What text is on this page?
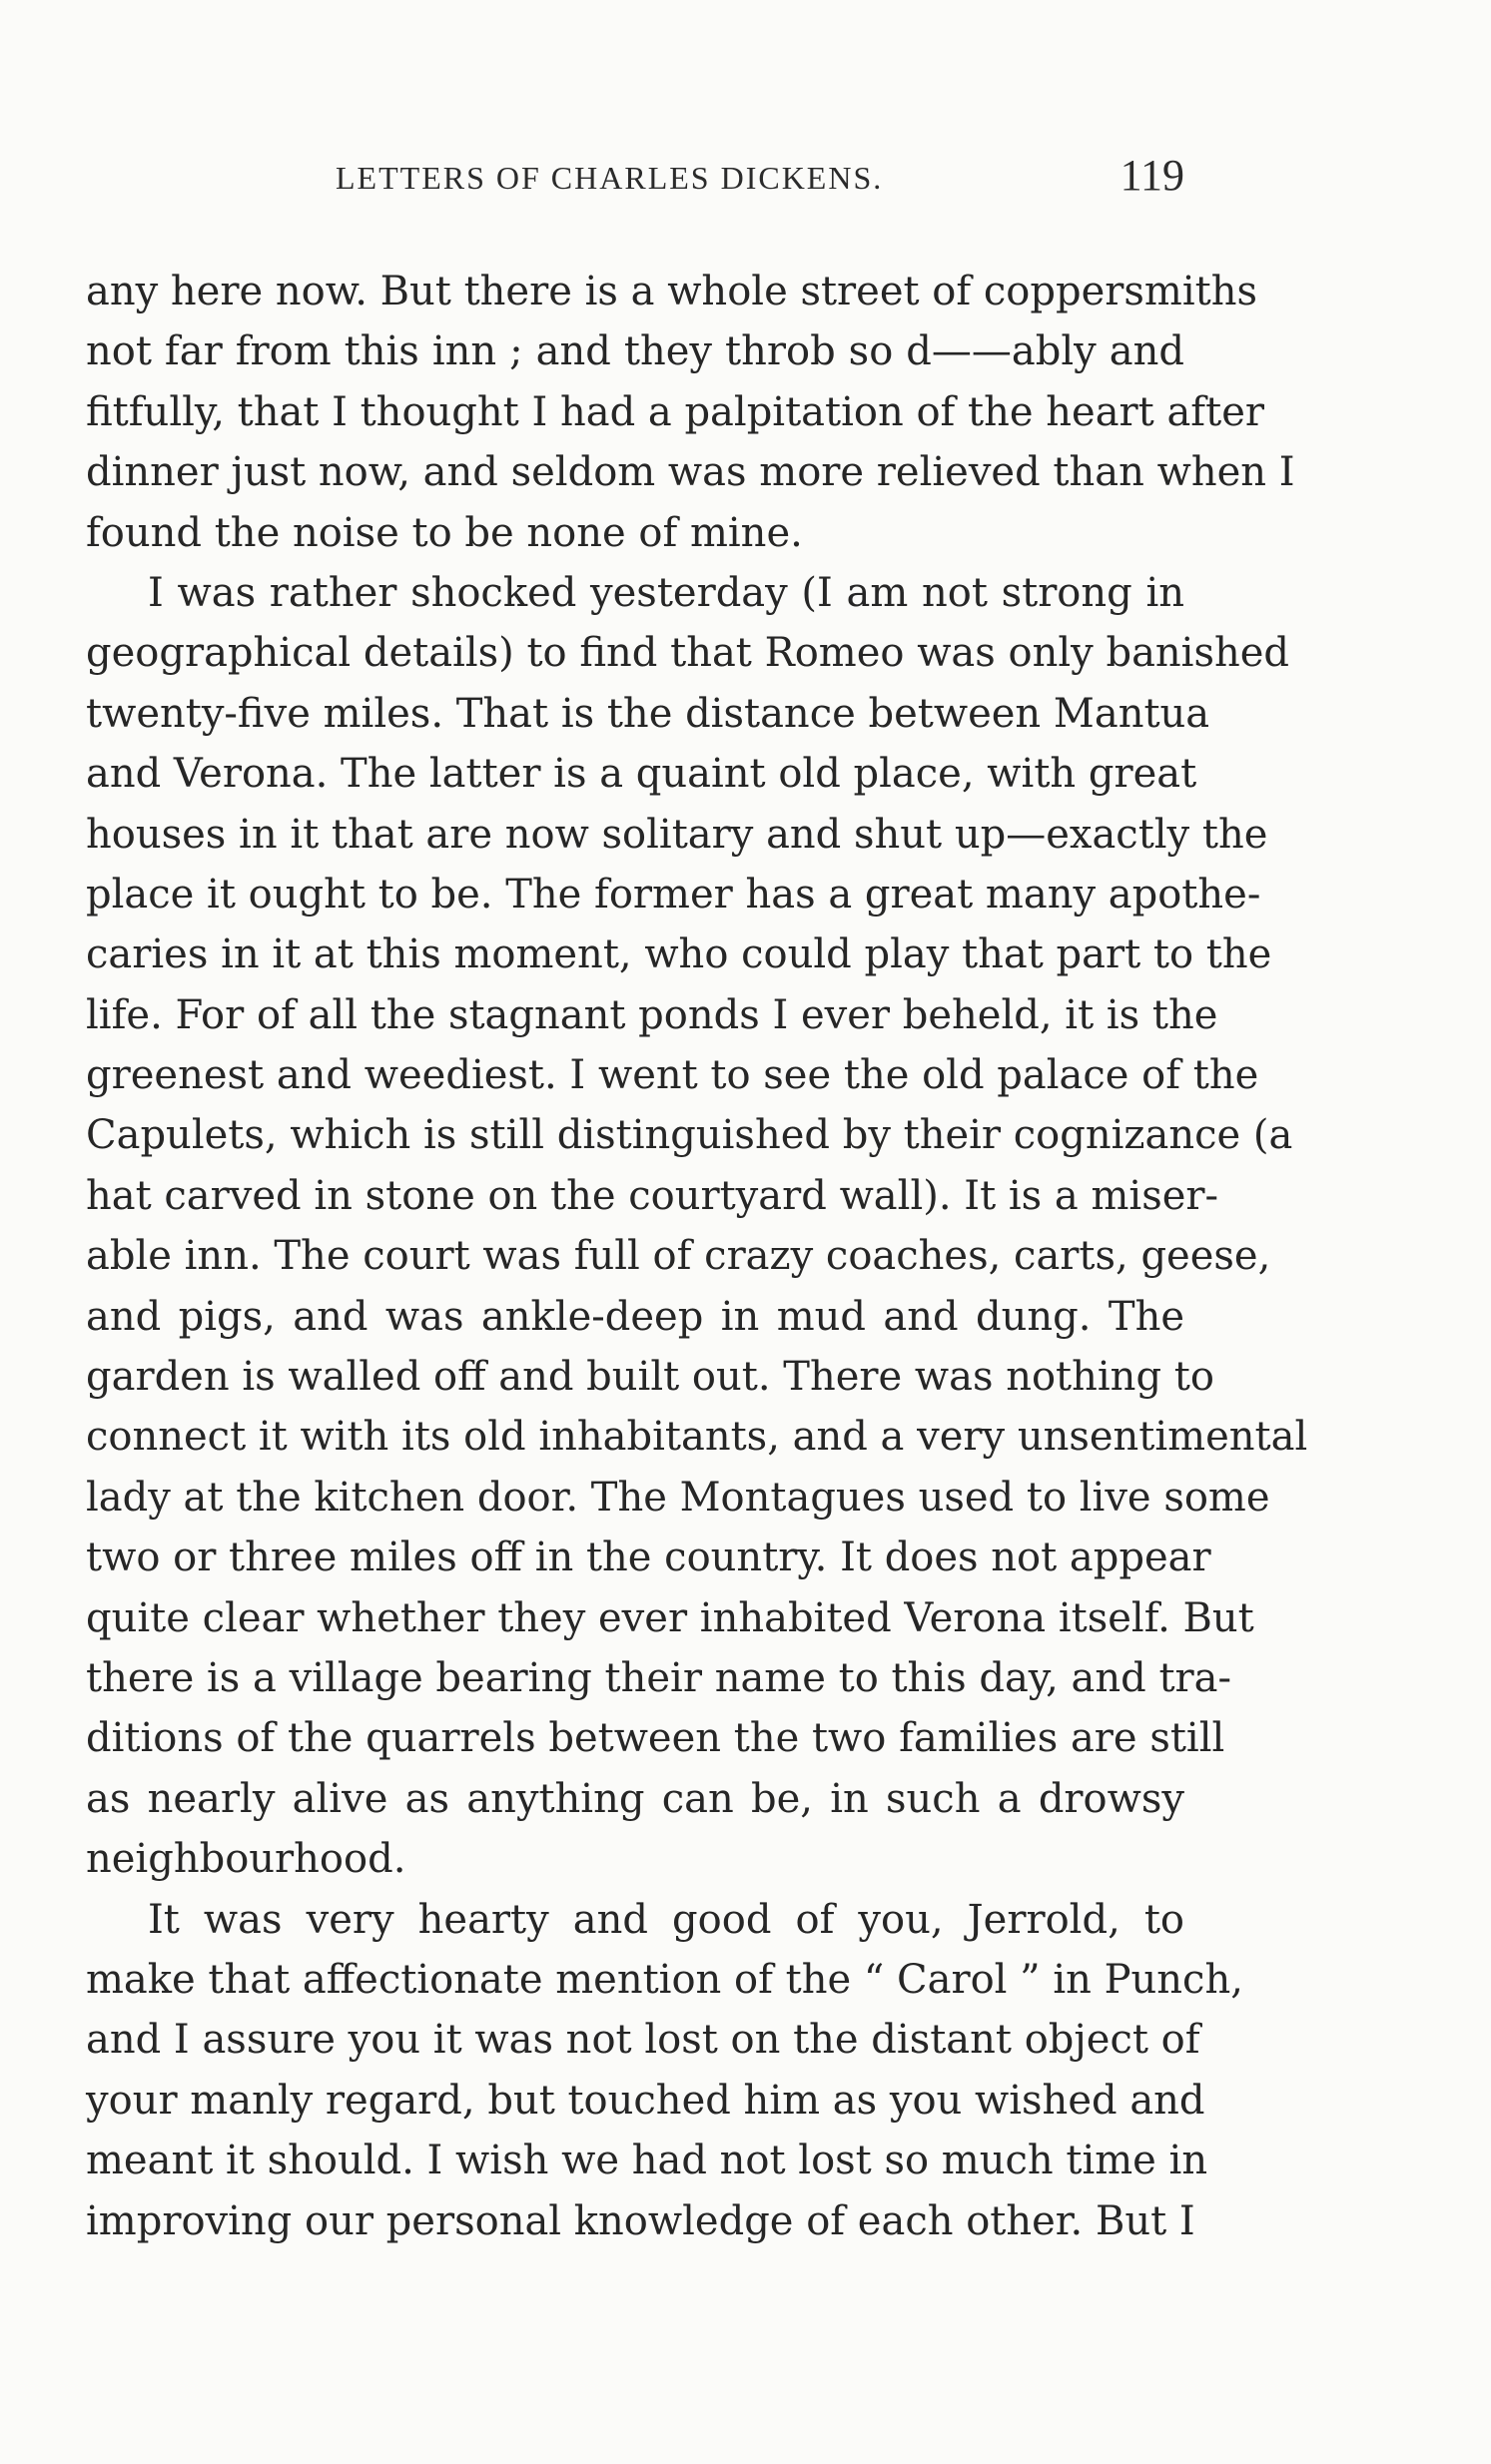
LETTERS OF CHARLES DICKENS.	119
any here now. But there is a whole street of coppersmiths
not far from this inn ; and they throb so d——ably and
fitfully, that I thought I had a palpitation of the heart after
dinner just now, and seldom was more relieved than when I
found the noise to be none of mine.
I was rather shocked yesterday (I am not strong in
geographical details) to find that Romeo was only banished
twenty-five miles. That is the distance between Mantua
and Verona. The latter is a quaint old place, with great
houses in it that are now solitary and shut up—exactly the
place it ought to be. The former has a great many apothe-
caries in it at this moment, who could play that part to the
life. For of all the stagnant ponds I ever beheld, it is the
greenest and weediest. I went to see the old palace of the
Capulets, which is still distinguished by their cognizance (a
hat carved in stone on the courtyard wall). It is a miser-
able inn. The court was full of crazy coaches, carts, geese,
and pigs, and was ankle-deep in mud and dung. The
garden is walled off and built out. There was nothing to
connect it with its old inhabitants, and a very unsentimental
lady at the kitchen door. The Montagues used to live some
two or three miles off in the country. It does not appear
quite clear whether they ever inhabited Verona itself. But
there is a village bearing their name to this day, and tra-
ditions of the quarrels between the two families are still
as nearly alive as anything can be, in such a drowsy
neighbourhood.
It was very hearty and good of you, Jerrold, to
make that affectionate mention of the “ Carol ” in Punch,
and I assure you it was not lost on the distant object of
your manly regard, but touched him as you wished and
meant it should. I wish we had not lost so much time in
improving our personal knowledge of each other. But I
